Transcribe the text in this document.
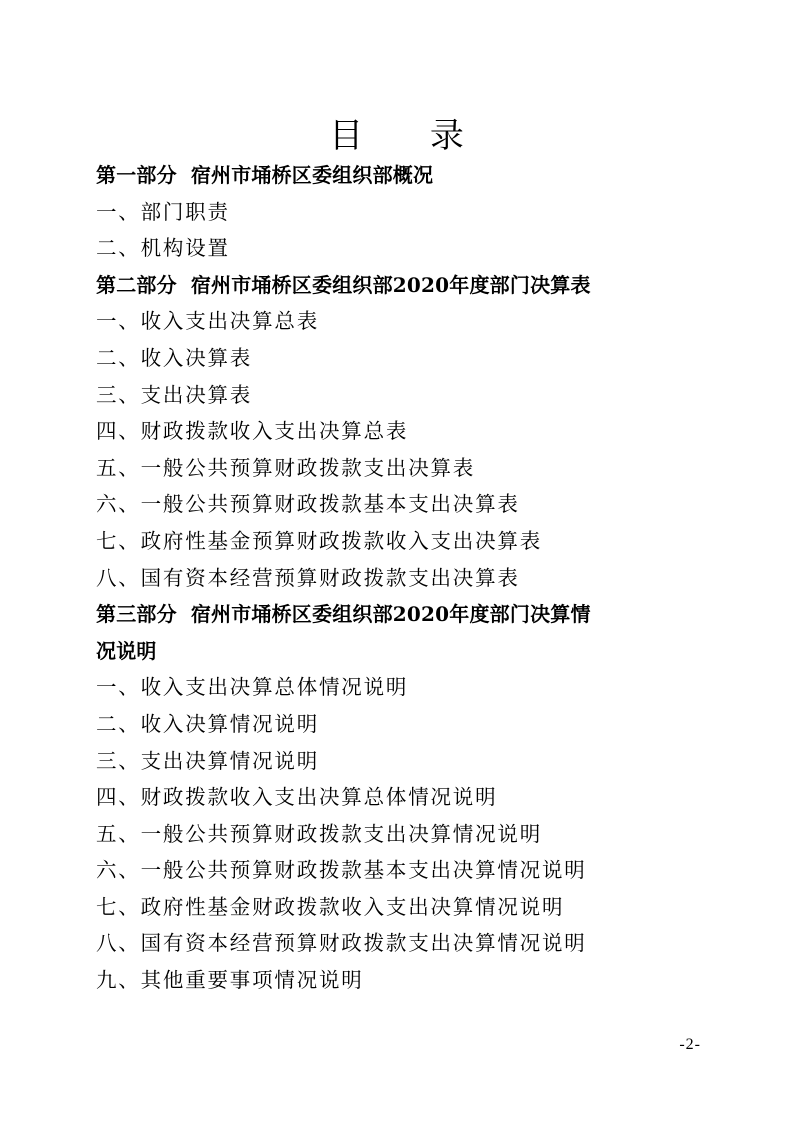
目 录
第一部分 宿州市埇桥区委组织部概况
一、部门职责
二、机构设置
第二部分 宿州市埇桥区委组织部2020年度部门决算表
一、收入支出决算总表
二、收入决算表
三、支出决算表
四、财政拨款收入支出决算总表
五、一般公共预算财政拨款支出决算表
六、一般公共预算财政拨款基本支出决算表
七、政府性基金预算财政拨款收入支出决算表
八、国有资本经营预算财政拨款支出决算表
第三部分 宿州市埇桥区委组织部2020年度部门决算情
况说明
一、收入支出决算总体情况说明
二、收入决算情况说明
三、支出决算情况说明
四、财政拨款收入支出决算总体情况说明
五、一般公共预算财政拨款支出决算情况说明
六、一般公共预算财政拨款基本支出决算情况说明
七、政府性基金财政拨款收入支出决算情况说明
八、国有资本经营预算财政拨款支出决算情况说明
九、其他重要事项情况说明
-2-
